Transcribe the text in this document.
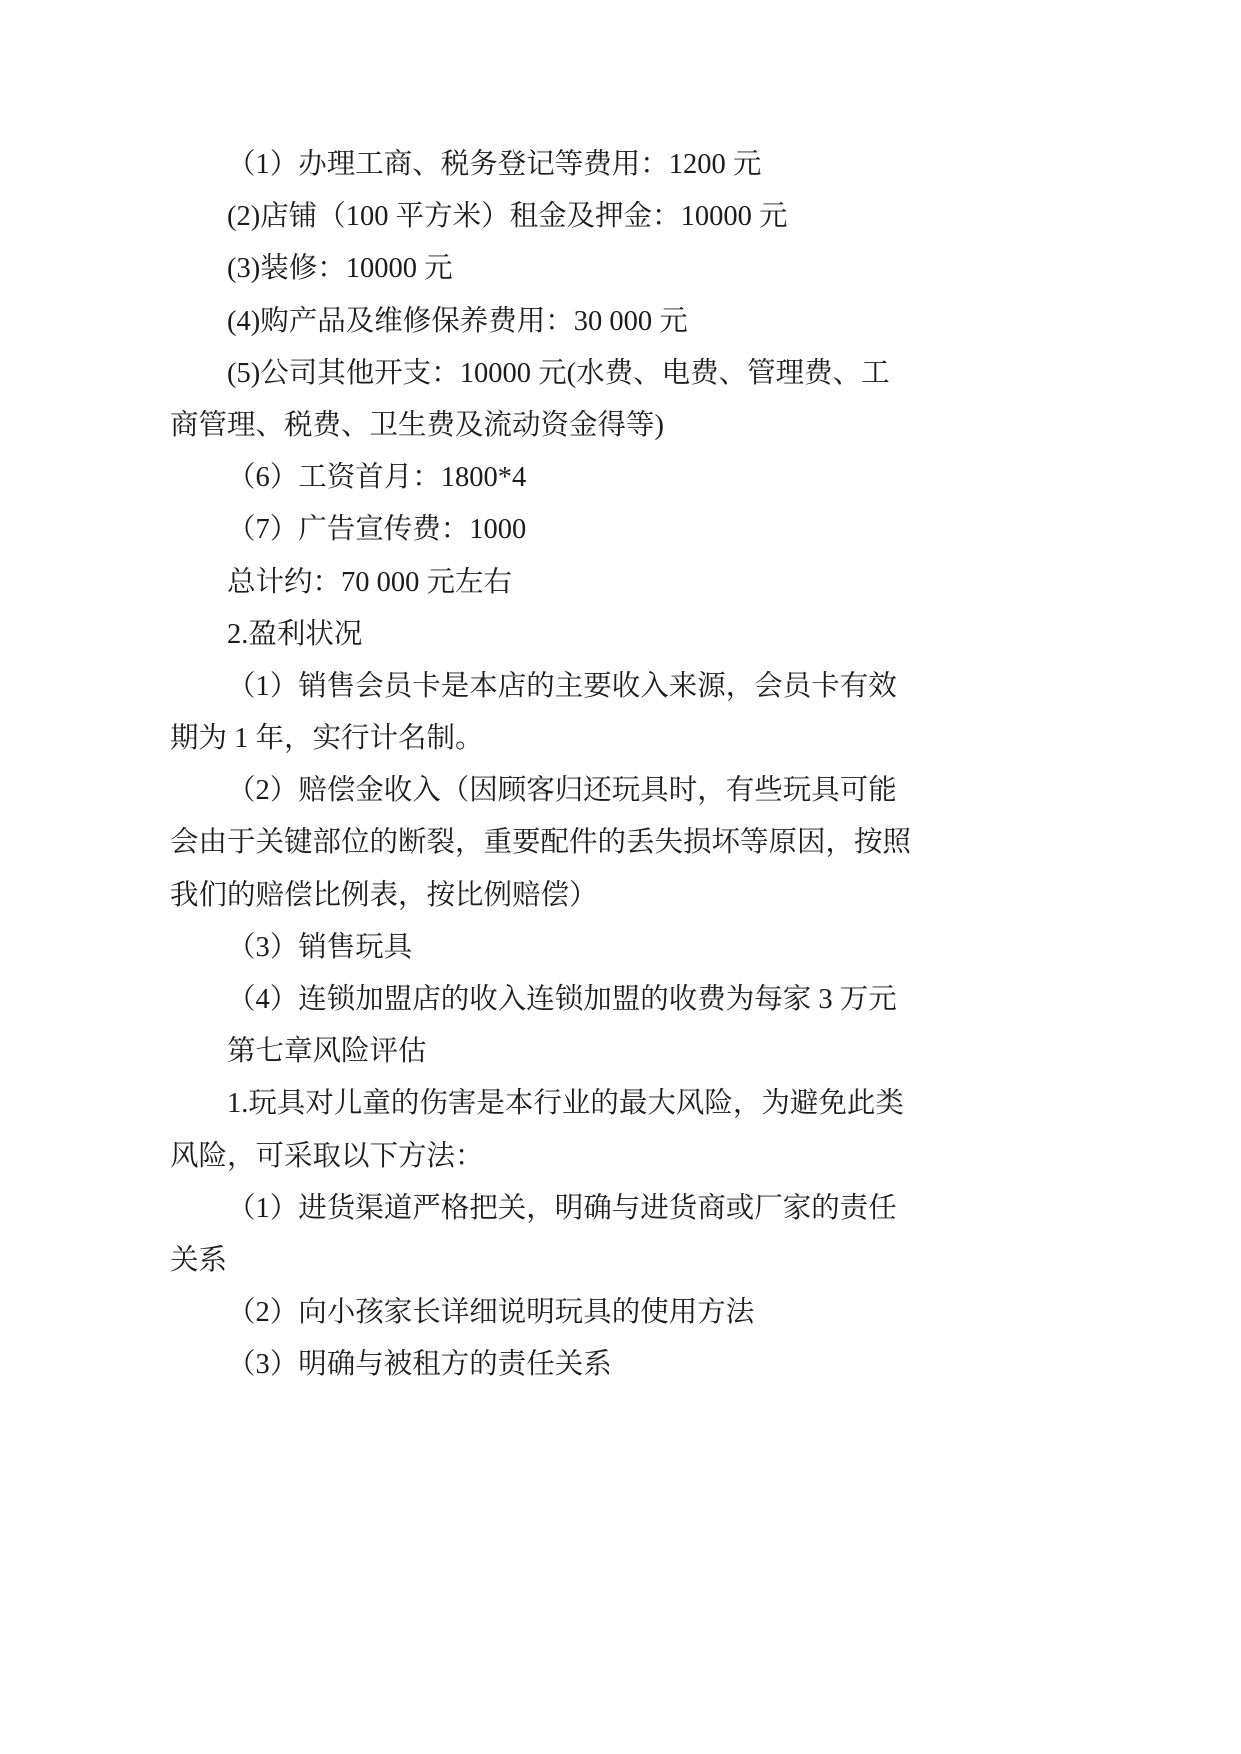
（1）办理工商、税务登记等费用：1200 元
(2)店铺（100 平方米）租金及押金：10000 元
(3)装修：10000 元
(4)购产品及维修保养费用：30 000 元
(5)公司其他开支：10000 元(水费、电费、管理费、工
商管理、税费、卫生费及流动资金得等)
（6）工资首月：1800*4
（7）广告宣传费：1000
总计约：70 000 元左右
2.盈利状况
（1）销售会员卡是本店的主要收入来源，会员卡有效
期为 1 年，实行计名制。
（2）赔偿金收入（因顾客归还玩具时，有些玩具可能
会由于关键部位的断裂，重要配件的丢失损坏等原因，按照
我们的赔偿比例表，按比例赔偿）
（3）销售玩具
（4）连锁加盟店的收入连锁加盟的收费为每家 3 万元
第七章风险评估
1.玩具对儿童的伤害是本行业的最大风险，为避免此类
风险，可采取以下方法：
（1）进货渠道严格把关，明确与进货商或厂家的责任
关系
（2）向小孩家长详细说明玩具的使用方法
（3）明确与被租方的责任关系
